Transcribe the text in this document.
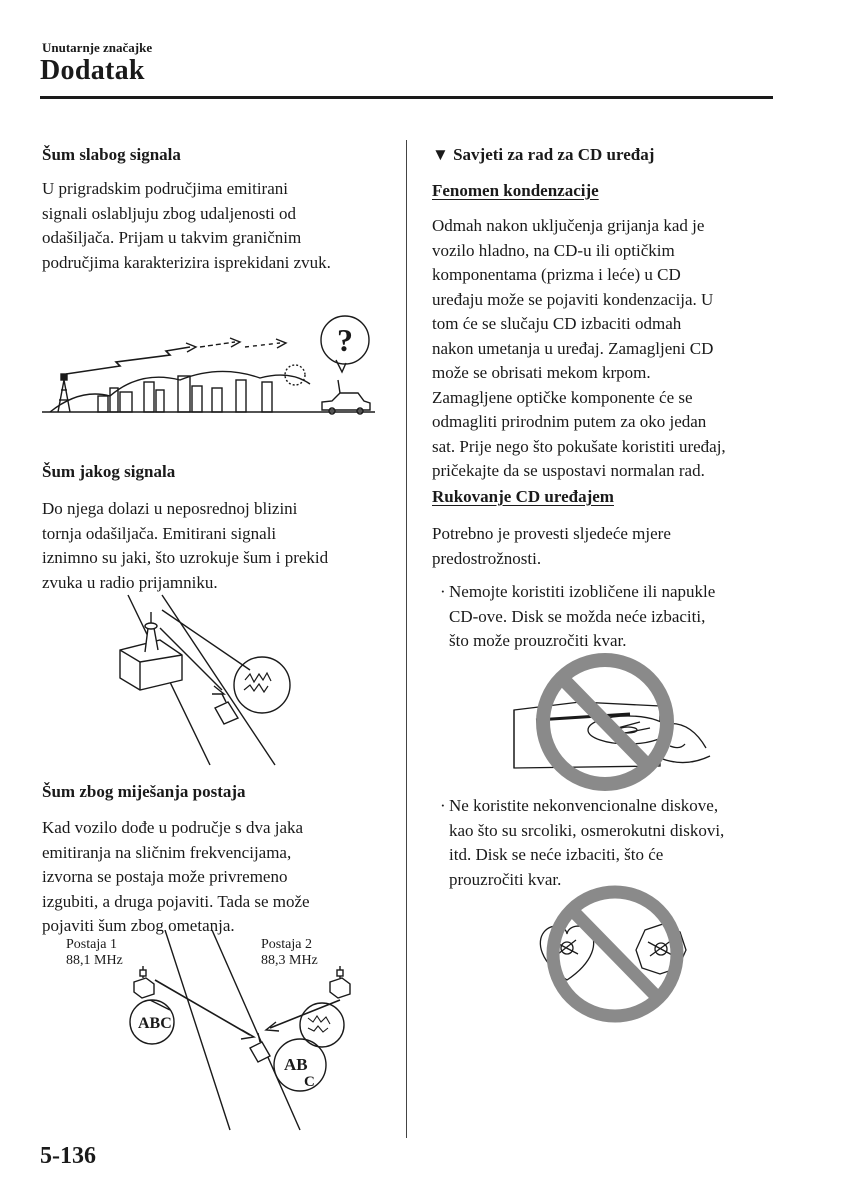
Unutarnje značajke
Dodatak
Šum slabog signala
U prigradskim područjima emitirani
signali oslabljuju zbog udaljenosti od
odašiljača. Prijam u takvim graničnim
područjima karakterizira isprekidani zvuk.
?
Šum jakog signala
Do njega dolazi u neposrednoj blizini
tornja odašiljača. Emitirani signali
iznimno su jaki, što uzrokuje šum i prekid
zvuka u radio prijamniku.
Šum zbog miješanja postaja
Kad vozilo dođe u područje s dva jaka
emitiranja na sličnim frekvencijama,
izvorna se postaja može privremeno
izgubiti, a druga pojaviti. Tada se može
pojaviti šum zbog ometanja.
Postaja 1
88,1 MHz
Postaja 2
88,3 MHz
ABC
AB
C
▼ Savjeti za rad za CD uređaj
Fenomen kondenzacije
Odmah nakon uključenja grijanja kad je
vozilo hladno, na CD-u ili optičkim
komponentama (prizma i leće) u CD
uređaju može se pojaviti kondenzacija. U
tom će se slučaju CD izbaciti odmah
nakon umetanja u uređaj. Zamagljeni CD
može se obrisati mekom krpom.
Zamagljene optičke komponente će se
odmagliti prirodnim putem za oko jedan
sat. Prije nego što pokušate koristiti uređaj,
pričekajte da se uspostavi normalan rad.
Rukovanje CD uređajem
Potrebno je provesti sljedeće mjere
predostrožnosti.
· Nemojte koristiti izobličene ili napukle
CD-ove. Disk se možda neće izbaciti,
što može prouzročiti kvar.
· Ne koristite nekonvencionalne diskove,
kao što su srcoliki, osmerokutni diskovi,
itd. Disk se neće izbaciti, što će
prouzročiti kvar.
5-136
